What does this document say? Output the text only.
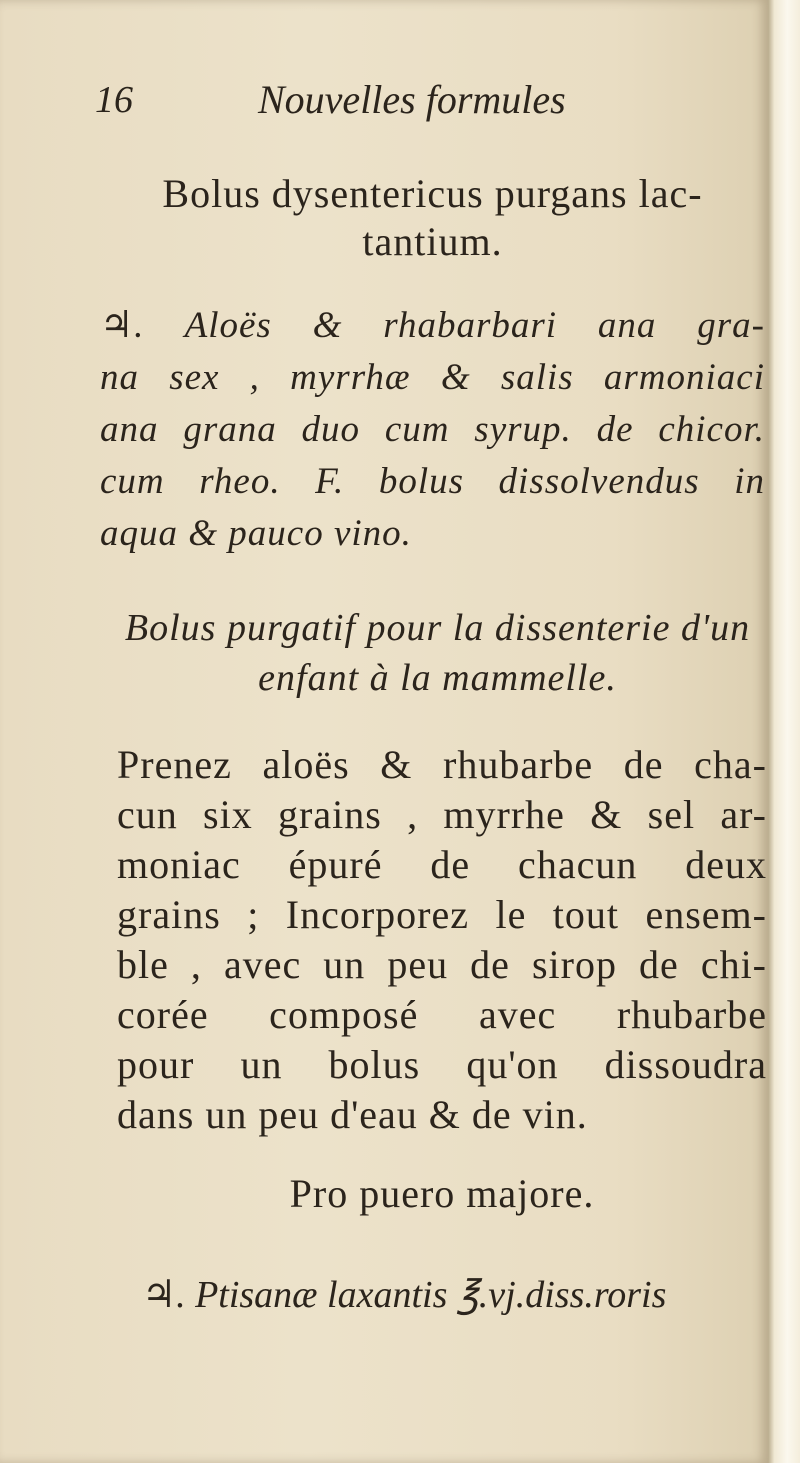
16	Nouvelles formules
Bolus dysentericus purgans lac-
tantium.
♃. Aloës & rhabarbari ana gra-
na sex , myrrhæ & salis armoniaci
ana grana duo cum syrup. de chicor.
cum rheo. F. bolus dissolvendus in
aqua & pauco vino.
Bolus purgatif pour la dissenterie d'un
enfant à la mammelle.
Prenez aloës & rhubarbe de cha-
cun six grains , myrrhe & sel ar-
moniac épuré de chacun deux
grains ; Incorporez le tout ensem-
ble , avec un peu de sirop de chi-
corée composé avec rhubarbe
pour un bolus qu'on dissoudra
dans un peu d'eau & de vin.
Pro puero majore.
♃. Ptisanæ laxantis ℥.vj.diss.roris
